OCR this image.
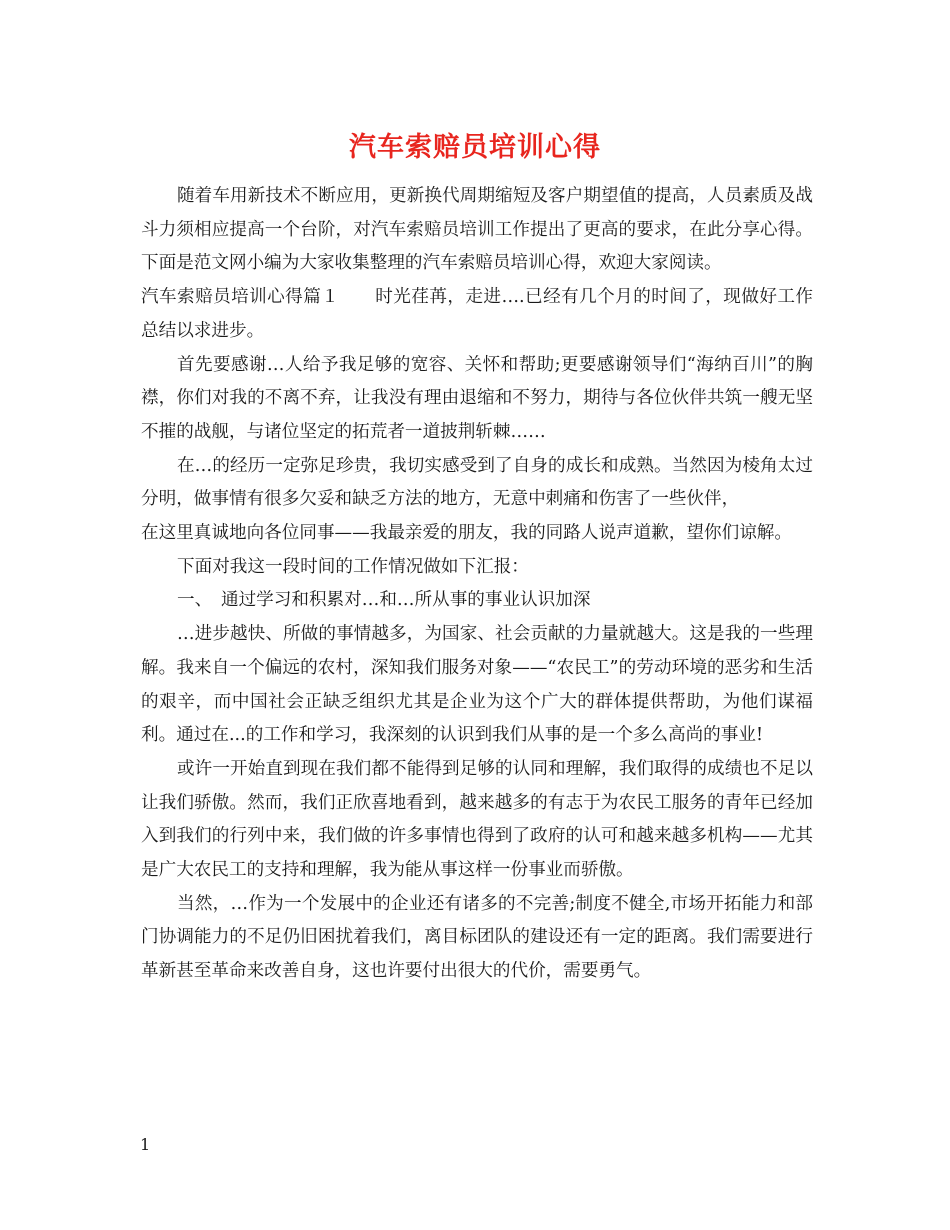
汽车索赔员培训心得

随着车用新技术不断应用，更新换代周期缩短及客户期望值的提高，人员素质及战斗力须相应提高一个台阶，对汽车索赔员培训工作提出了更高的要求，在此分享心得。下面是范文网小编为大家收集整理的汽车索赔员培训心得，欢迎大家阅读。

汽车索赔员培训心得篇１　　时光荏苒，走进….已经有几个月的时间了，现做好工作总结以求进步。

首先要感谢…人给予我足够的宽容、关怀和帮助;更要感谢领导们“海纳百川”的胸襟，你们对我的不离不弃，让我没有理由退缩和不努力，期待与各位伙伴共筑一艘无坚不摧的战舰，与诸位坚定的拓荒者一道披荆斩棘……

在…的经历一定弥足珍贵，我切实感受到了自身的成长和成熟。当然因为棱角太过分明，做事情有很多欠妥和缺乏方法的地方，无意中刺痛和伤害了一些伙伴，

在这里真诚地向各位同事——我最亲爱的朋友，我的同路人说声道歉，望你们谅解。

下面对我这一段时间的工作情况做如下汇报：

一、　通过学习和积累对…和…所从事的事业认识加深

…进步越快、所做的事情越多，为国家、社会贡献的力量就越大。这是我的一些理解。我来自一个偏远的农村，深知我们服务对象——“农民工”的劳动环境的恶劣和生活的艰辛，而中国社会正缺乏组织尤其是企业为这个广大的群体提供帮助，为他们谋福利。通过在...的工作和学习，我深刻的认识到我们从事的是一个多么高尚的事业!

或许一开始直到现在我们都不能得到足够的认同和理解，我们取得的成绩也不足以让我们骄傲。然而，我们正欣喜地看到，越来越多的有志于为农民工服务的青年已经加入到我们的行列中来，我们做的许多事情也得到了政府的认可和越来越多机构——尤其是广大农民工的支持和理解，我为能从事这样一份事业而骄傲。

当然，…作为一个发展中的企业还有诸多的不完善;制度不健全,市场开拓能力和部门协调能力的不足仍旧困扰着我们，离目标团队的建设还有一定的距离。我们需要进行革新甚至革命来改善自身，这也许要付出很大的代价，需要勇气。

1
